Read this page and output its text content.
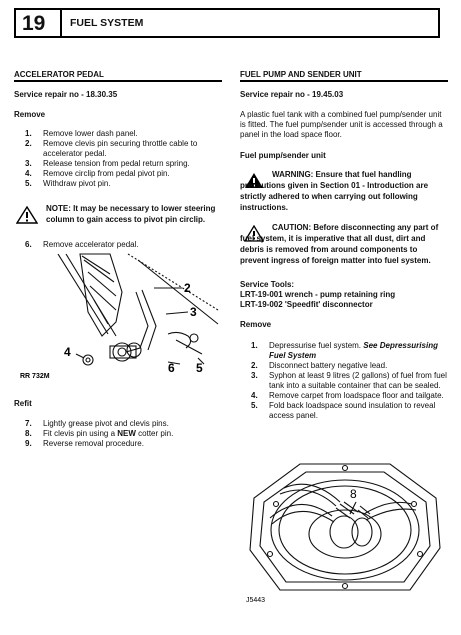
19 FUEL SYSTEM
ACCELERATOR PEDAL
Service repair no - 18.30.35
Remove
1. Remove lower dash panel.
2. Remove clevis pin securing throttle cable to accelerator pedal.
3. Release tension from pedal return spring.
4. Remove circlip from pedal pivot pin.
5. Withdraw pivot pin.
NOTE: It may be necessary to lower steering column to gain access to pivot pin circlip.
6. Remove accelerator pedal.
2
3
4
5
6
RR 732M
Refit
7. Lightly grease pivot and clevis pins.
8. Fit clevis pin using a NEW cotter pin.
9. Reverse removal procedure.
FUEL PUMP AND SENDER UNIT
Service repair no - 19.45.03
A plastic fuel tank with a combined fuel pump/sender unit is fitted. The fuel pump/sender unit is accessed through a panel in the load space floor.
Fuel pump/sender unit
WARNING: Ensure that fuel handling precautions given in Section 01 - Introduction are strictly adhered to when carrying out following instructions.
CAUTION: Before disconnecting any part of fuel system, it is imperative that all dust, dirt and debris is removed from around components to prevent ingress of foreign matter into fuel system.
Service Tools:
LRT-19-001 wrench - pump retaining ring
LRT-19-002 'Speedfit' disconnector
Remove
1. Depressurise fuel system. See Depressurising Fuel System
2. Disconnect battery negative lead.
3. Syphon at least 9 litres (2 gallons) of fuel from fuel tank into a suitable container that can be sealed.
4. Remove carpet from loadspace floor and tailgate.
5. Fold back loadspace sound insulation to reveal access panel.
8
J5443
